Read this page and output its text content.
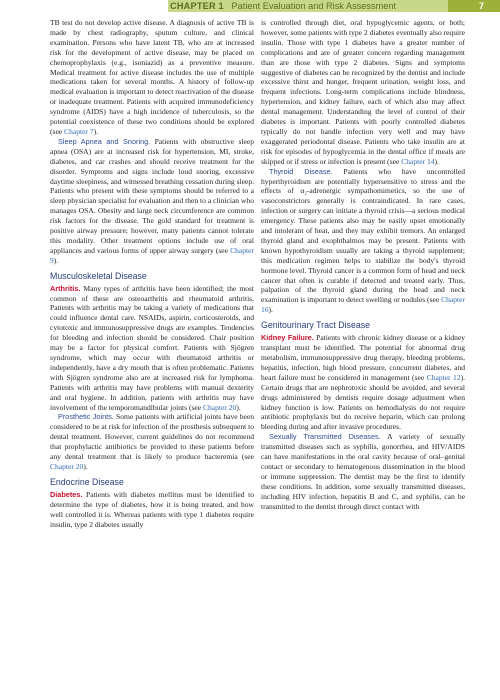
CHAPTER 1 Patient Evaluation and Risk Assessment	7

TB test do not develop active disease. A diagnosis of active TB is made by chest radiography, sputum culture, and clinical examination. Persons who have latent TB, who are at increased risk for the development of active disease, may be placed on chemoprophylaxis (e.g., isoniazid) as a preventive measure. Medical treatment for active disease includes the use of multiple medications taken for several months. A history of follow-up medical evaluation is important to detect reactivation of the disease or inadequate treatment. Patients with acquired immunodeficiency syndrome (AIDS) have a high incidence of tuberculosis, so the potential coexistence of these two conditions should be explored (see Chapter 7).

Sleep Apnea and Snoring. Patients with obstructive sleep apnea (OSA) are at increased risk for hypertension, MI, stroke, diabetes, and car crashes and should receive treatment for the disorder. Symptoms and signs include loud snoring, excessive daytime sleepiness, and witnessed breathing cessation during sleep. Patients who present with these symptoms should be referred to a sleep physician specialist for evaluation and then to a clinician who manages OSA. Obesity and large neck circumference are common risk factors for the disease. The gold standard for treatment is positive airway pressure; however, many patients cannot tolerate this modality. Other treatment options include use of oral appliances and various forms of upper airway surgery (see Chapter 9).

Musculoskeletal Disease

Arthritis. Many types of arthritis have been identified; the most common of these are osteoarthritis and rheumatoid arthritis. Patients with arthritis may be taking a variety of medications that could influence dental care. NSAIDs, aspirin, corticosteroids, and cytotoxic and immunosuppressive drugs are examples. Tendencies for bleeding and infection should be considered. Chair position may be a factor for physical comfort. Patients with Sjögren syndrome, which may occur with rheumatoid arthritis or independently, have a dry mouth that is often problematic. Patients with Sjögren syndrome also are at increased risk for lymphoma. Patients with arthritis may have problems with manual dexterity and oral hygiene. In addition, patients with arthritis may have involvement of the temporomandibular joints (see Chapter 20).

Prosthetic Joints. Some patients with artificial joints have been considered to be at risk for infection of the prosthesis subsequent to dental treatment. However, current guidelines do not recommend that prophylactic antibiotics be provided to these patients before any dental treatment that is likely to produce bacteremia (see Chapter 20).

Endocrine Disease

Diabetes. Patients with diabetes mellitus must be identified to determine the type of diabetes, how it is being treated, and how well controlled it is. Whereas patients with type 1 diabetes require insulin, type 2 diabetes usually

is controlled through diet, oral hypoglycemic agents, or both; however, some patients with type 2 diabetes eventually also require insulin. Those with type 1 diabetes have a greater number of complications and are of greater concern regarding management than are those with type 2 diabetes. Signs and symptoms suggestive of diabetes can be recognized by the dentist and include excessive thirst and hunger, frequent urination, weight loss, and frequent infections. Long-term complications include blindness, hypertension, and kidney failure, each of which also may affect dental management. Understanding the level of control of their diabetes is important. Patients with poorly controlled diabetes typically do not handle infection very well and may have exaggerated periodontal disease. Patients who take insulin are at risk for episodes of hypoglycemia in the dental office if meals are skipped or if stress or infection is present (see Chapter 14).

Thyroid Disease. Patients who have uncontrolled hyperthyroidism are potentially hypersensitive to stress and the effects of α₂-adrenergic sympathomimetics, so the use of vasoconstrictors generally is contraindicated. In rare cases, infection or surgery can initiate a thyroid crisis—a serious medical emergency. These patients also may be easily upset emotionally and intolerant of heat, and they may exhibit tremors. An enlarged thyroid gland and exophthalmos may be present. Patients with known hypothyroidism usually are taking a thyroid supplement; this medication regimen helps to stabilize the body's thyroid hormone level. Thyroid cancer is a common form of head and neck cancer that often is curable if detected and treated early. Thus, palpation of the thyroid gland during the head and neck examination is important to detect swelling or nodules (see Chapter 16).

Genitourinary Tract Disease

Kidney Failure. Patients with chronic kidney disease or a kidney transplant must be identified. The potential for abnormal drug metabolism, immunosuppressive drug therapy, bleeding problems, hepatitis, infection, high blood pressure, concurrent diabetes, and heart failure must be considered in management (see Chapter 12). Certain drugs that are nephrotoxic should be avoided, and several drugs administered by dentists require dosage adjustment when kidney function is low. Patients on hemodialysis do not require antibiotic prophylaxis but do receive heparin, which can prolong bleeding during and after invasive procedures.

Sexually Transmitted Diseases. A variety of sexually transmitted diseases such as syphilis, gonorrhea, and HIV/AIDS can have manifestations in the oral cavity because of oral–genital contact or secondary to hematogenous dissemination in the blood or immune suppression. The dentist may be the first to identify these conditions. In addition, some sexually transmitted diseases, including HIV infection, hepatitis B and C, and syphilis, can be transmitted to the dentist through direct contact with
